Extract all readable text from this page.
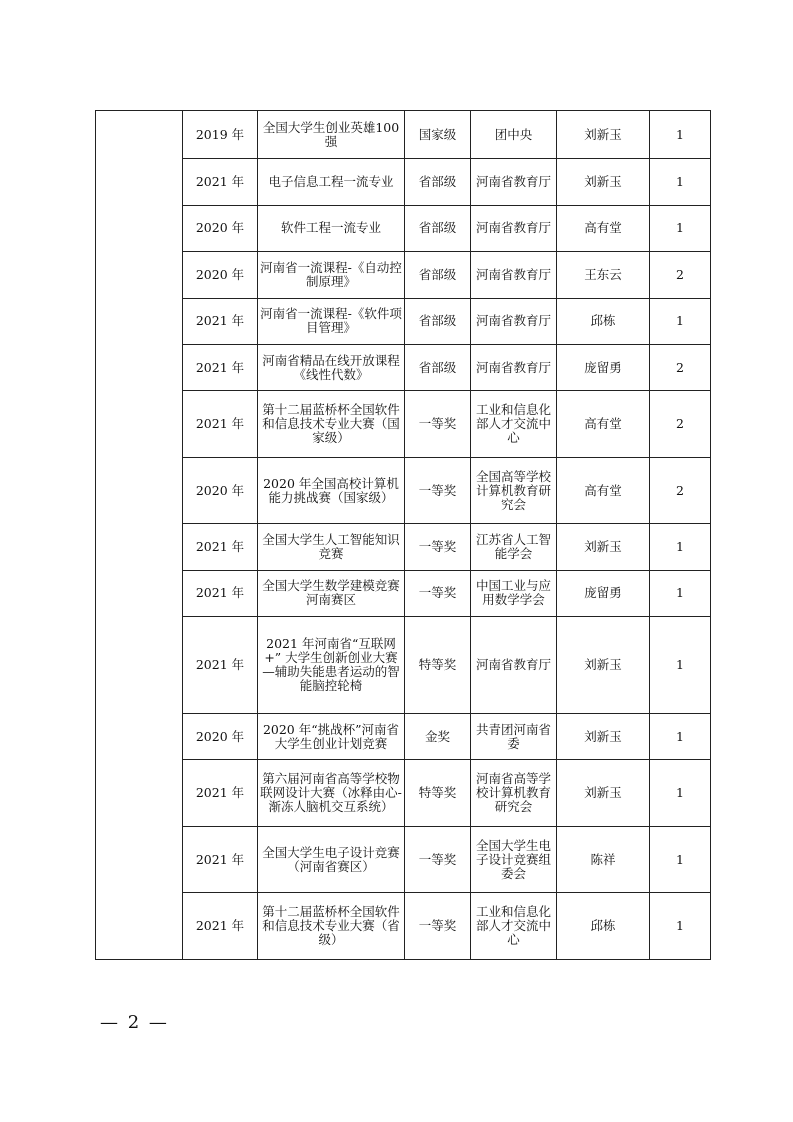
	2019 年	全国大学生创业英雄100强	国家级	团中央	刘新玉	1
	2021 年	电子信息工程一流专业	省部级	河南省教育厅	刘新玉	1
	2020 年	软件工程一流专业	省部级	河南省教育厅	高有堂	1
	2020 年	河南省一流课程-《自动控制原理》	省部级	河南省教育厅	王东云	2
	2021 年	河南省一流课程-《软件项目管理》	省部级	河南省教育厅	邱栋	1
	2021 年	河南省精品在线开放课程《线性代数》	省部级	河南省教育厅	庞留勇	2
	2021 年	第十二届蓝桥杯全国软件和信息技术专业大赛（国家级）	一等奖	工业和信息化部人才交流中心	高有堂	2
	2020 年	2020 年全国高校计算机能力挑战赛（国家级）	一等奖	全国高等学校计算机教育研究会	高有堂	2
	2021 年	全国大学生人工智能知识竞赛	一等奖	江苏省人工智能学会	刘新玉	1
	2021 年	全国大学生数学建模竞赛河南赛区	一等奖	中国工业与应用数学学会	庞留勇	1
	2021 年	2021 年河南省“互联网+” 大学生创新创业大赛—辅助失能患者运动的智能脑控轮椅	特等奖	河南省教育厅	刘新玉	1
	2020 年	2020 年“挑战杯”河南省大学生创业计划竞赛	金奖	共青团河南省委	刘新玉	1
	2021 年	第六届河南省高等学校物联网设计大赛（冰释由心-渐冻人脑机交互系统）	特等奖	河南省高等学校计算机教育研究会	刘新玉	1
	2021 年	全国大学生电子设计竞赛（河南省赛区）	一等奖	全国大学生电子设计竞赛组委会	陈祥	1
	2021 年	第十二届蓝桥杯全国软件和信息技术专业大赛（省级）	一等奖	工业和信息化部人才交流中心	邱栋	1
— 2 —
